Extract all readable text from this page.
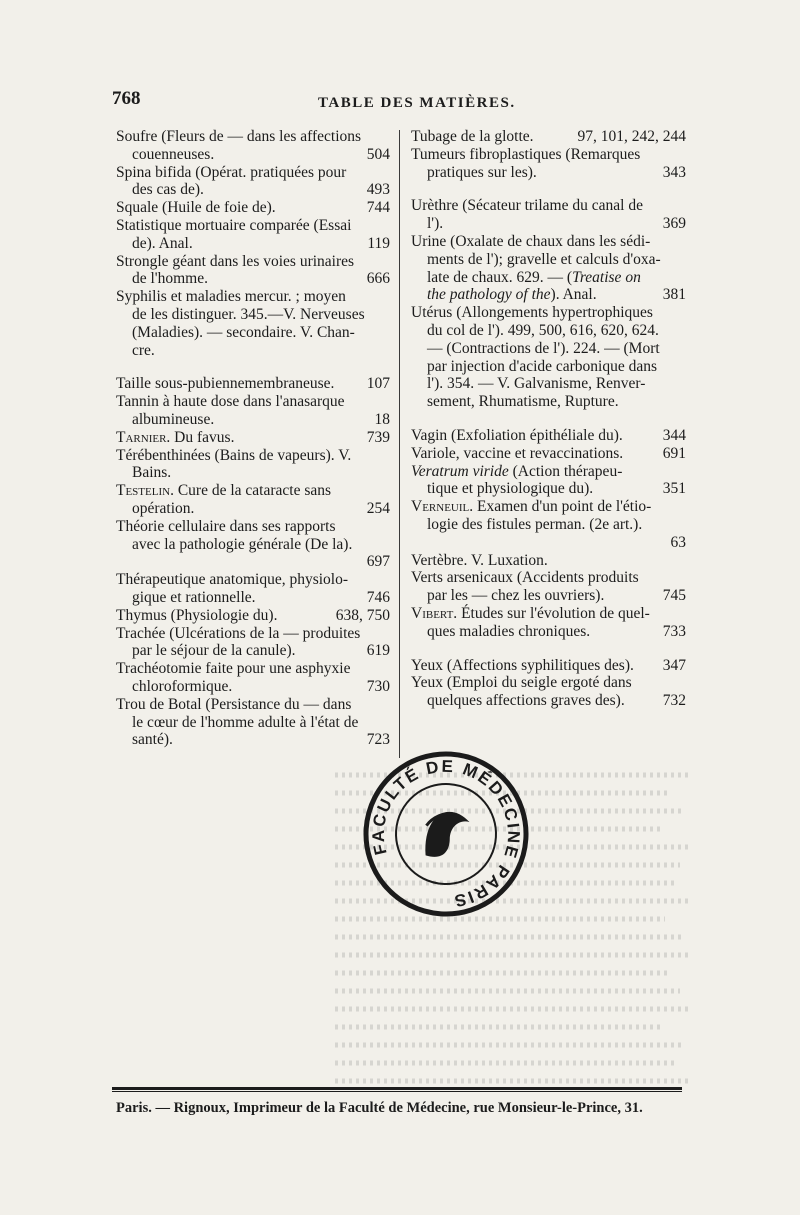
768	TABLE DES MATIÈRES.
Soufre (Fleurs de — dans les affections
couenneuses.	504
Spina bifida (Opérat. pratiquées pour
des cas de).	493
Squale (Huile de foie de).	744
Statistique mortuaire comparée (Essai
de). Anal.	119
Strongle géant dans les voies urinaires
de l'homme.	666
Syphilis et maladies mercur. ; moyen
de les distinguer. 345.—V. Nerveuses
(Maladies). — secondaire. V. Chan-
cre.
Taille sous-pubiennemembraneuse. 107
Tannin à haute dose dans l'anasarque
albumineuse.	18
Tarnier. Du favus.	739
Térébenthinées (Bains de vapeurs). V.
Bains.
Testelin. Cure de la cataracte sans
opération.	254
Théorie cellulaire dans ses rapports
avec la pathologie générale (De la).
697
Thérapeutique anatomique, physiolo-
gique et rationnelle.	746
Thymus (Physiologie du).	638, 750
Trachée (Ulcérations de la — produites
par le séjour de la canule).	619
Trachéotomie faite pour une asphyxie
chloroformique.	730
Trou de Botal (Persistance du — dans
le cœur de l'homme adulte à l'état de
santé).	723
Tubage de la glotte.	97, 101, 242, 244
Tumeurs fibroplastiques (Remarques
pratiques sur les).	343
Urèthre (Sécateur trilame du canal de
l').	369
Urine (Oxalate de chaux dans les sédi-
ments de l'); gravelle et calculs d'oxa-
late de chaux. 629. — (Treatise on
the pathology of the). Anal.	381
Utérus (Allongements hypertrophiques
du col de l'). 499, 500, 616, 620, 624.
— (Contractions de l'). 224. — (Mort
par injection d'acide carbonique dans
l'). 354. — V. Galvanisme, Renver-
sement, Rhumatisme, Rupture.
Vagin (Exfoliation épithéliale du).	344
Variole, vaccine et revaccinations.	691
Veratrum viride (Action thérapeu-
tique et physiologique du).	351
Verneuil. Examen d'un point de l'étio-
logie des fistules perman. (2e art.).
63
Vertèbre. V. Luxation.
Verts arsenicaux (Accidents produits
par les — chez les ouvriers).	745
Vibert. Études sur l'évolution de quel-
ques maladies chroniques.	733
Yeux (Affections syphilitiques des). 347
Yeux (Emploi du seigle ergoté dans
quelques affections graves des). 732
FACULTÉ DE MÉDECINE PARIS
Paris. — Rignoux, Imprimeur de la Faculté de Médecine, rue Monsieur-le-Prince, 31.
